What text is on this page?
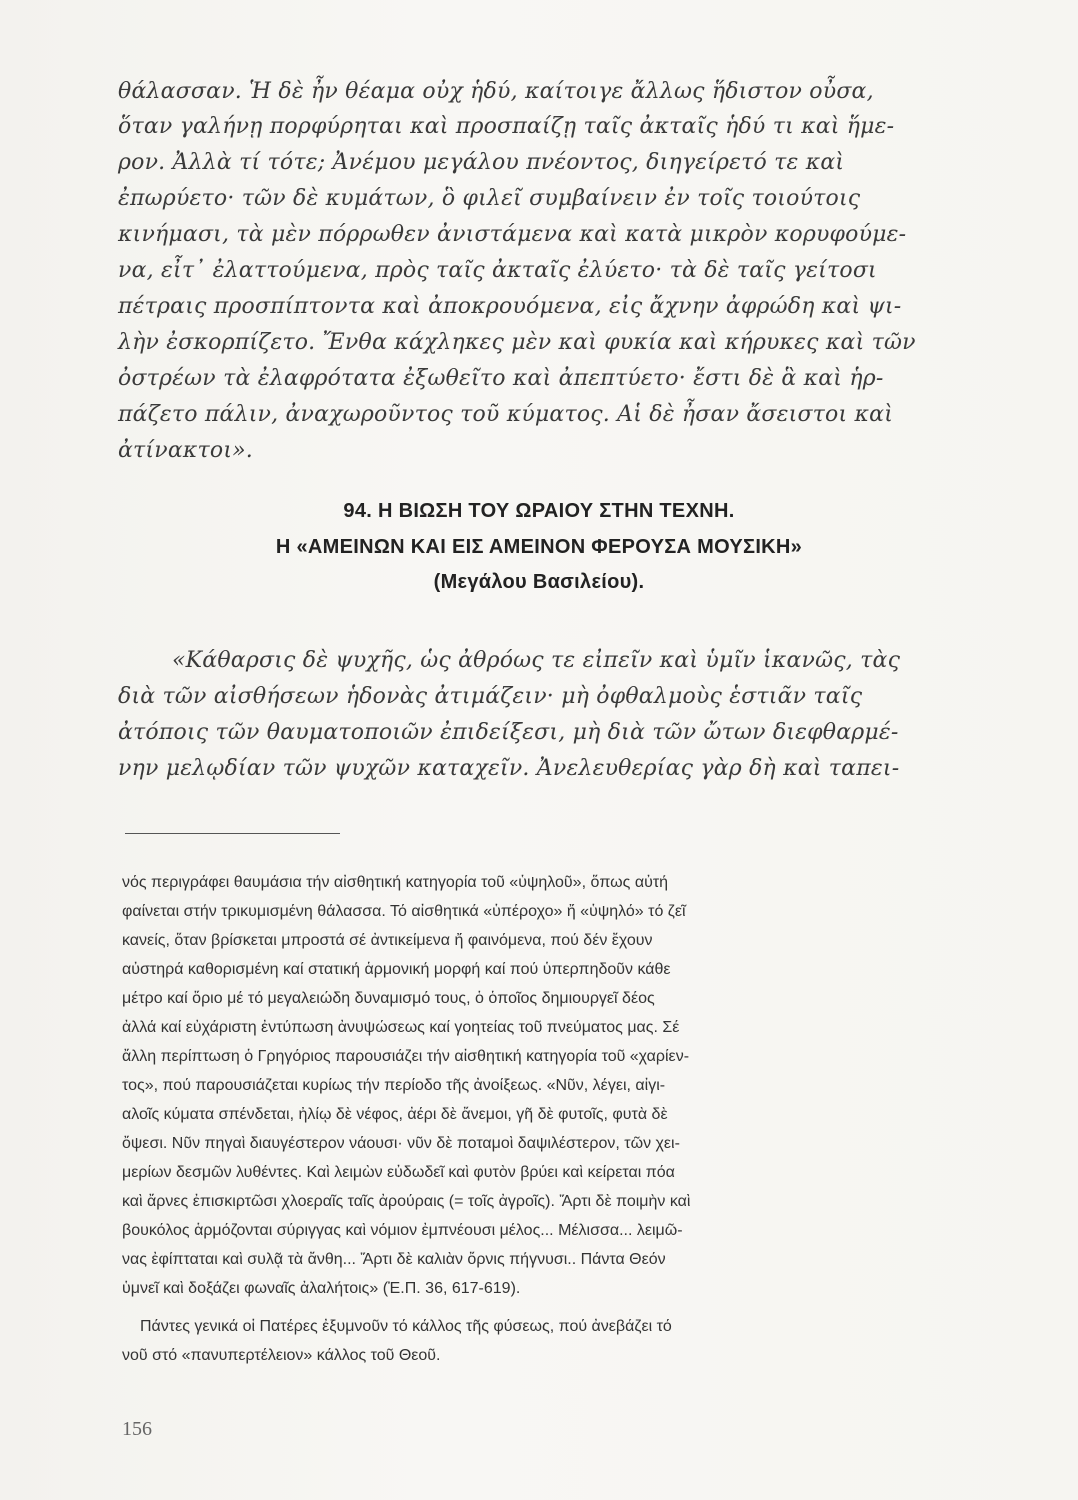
θάλασσαν. Ἡ δὲ ἦν θέαμα οὐχ ἡδύ, καίτοιγε ἄλλως ἥδιστον οὖσα,
ὅταν γαλήνῃ πορφύρηται καὶ προσπαίζῃ ταῖς ἀκταῖς ἡδύ τι καὶ ἥμε-
ρον. Ἀλλὰ τί τότε; Ἀνέμου μεγάλου πνέοντος, διηγείρετό τε καὶ
ἐπωρύετο· τῶν δὲ κυμάτων, ὃ φιλεῖ συμβαίνειν ἐν τοῖς τοιούτοις
κινήμασι, τὰ μὲν πόρρωθεν ἀνιστάμενα καὶ κατὰ μικρὸν κορυφούμε-
να, εἶτ᾽ ἐλαττούμενα, πρὸς ταῖς ἀκταῖς ἐλύετο· τὰ δὲ ταῖς γείτοσι
πέτραις προσπίπτοντα καὶ ἀποκρουόμενα, εἰς ἄχνην ἀφρώδη καὶ ψι-
λὴν ἐσκορπίζετο. Ἔνθα κάχληκες μὲν καὶ φυκία καὶ κήρυκες καὶ τῶν
ὀστρέων τὰ ἐλαφρότατα ἐξωθεῖτο καὶ ἀπεπτύετο· ἔστι δὲ ἃ καὶ ἡρ-
πάζετο πάλιν, ἀναχωροῦντος τοῦ κύματος. Αἱ δὲ ἦσαν ἄσειστοι καὶ
ἀτίνακτοι».
94. Η ΒΙΩΣΗ ΤΟΥ ΩΡΑΙΟΥ ΣΤΗΝ ΤΕΧΝΗ.
Η «ΑΜΕΙΝΩΝ ΚΑΙ ΕΙΣ ΑΜΕΙΝΟΝ ΦΕΡΟΥΣΑ ΜΟΥΣΙΚΗ»
(Μεγάλου Βασιλείου).
«Κάθαρσις δὲ ψυχῆς, ὡς ἀθρόως τε εἰπεῖν καὶ ὑμῖν ἱκανῶς, τὰς
διὰ τῶν αἰσθήσεων ἡδονὰς ἀτιμάζειν· μὴ ὀφθαλμοὺς ἑστιᾶν ταῖς
ἀτόποις τῶν θαυματοποιῶν ἐπιδείξεσι, μὴ διὰ τῶν ὤτων διεφθαρμέ-
νην μελῳδίαν τῶν ψυχῶν καταχεῖν. Ἀνελευθερίας γὰρ δὴ καὶ ταπει-
νός περιγράφει θαυμάσια τήν αἰσθητική κατηγορία τοῦ «ὑψηλοῦ», ὅπως αὐτή
φαίνεται στήν τρικυμισμένη θάλασσα. Τό αἰσθητικά «ὑπέροχο» ἤ «ὑψηλό» τό ζεῖ
κανείς, ὅταν βρίσκεται μπροστά σέ ἀντικείμενα ἤ φαινόμενα, πού δέν ἔχουν
αὐστηρά καθορισμένη καί στατική ἁρμονική μορφή καί πού ὑπερπηδοῦν κάθε
μέτρο καί ὅριο μέ τό μεγαλειώδη δυναμισμό τους, ὁ ὁποῖος δημιουργεῖ δέος
ἀλλά καί εὐχάριστη ἐντύπωση ἀνυψώσεως καί γοητείας τοῦ πνεύματος μας. Σέ
ἄλλη περίπτωση ὁ Γρηγόριος παρουσιάζει τήν αἰσθητική κατηγορία τοῦ «χαρίεν-
τος», πού παρουσιάζεται κυρίως τήν περίοδο τῆς ἀνοίξεως. «Νῦν, λέγει, αἰγι-
αλοῖς κύματα σπένδεται, ἠλίῳ δὲ νέφος, ἀέρι δὲ ἄνεμοι, γῆ δὲ φυτοῖς, φυτὰ δὲ
ὄψεσι. Νῦν πηγαὶ διαυγέστερον νάουσι· νῦν δὲ ποταμοὶ δαψιλέστερον, τῶν χει-
μερίων δεσμῶν λυθέντες. Καὶ λειμὼν εὐδωδεῖ καὶ φυτὸν βρύει καὶ κείρεται πόα
καὶ ἄρνες ἐπισκιρτῶσι χλοεραῖς ταῖς ἀρούραις (= τοῖς ἀγροῖς). Ἄρτι δὲ ποιμὴν καὶ
βουκόλος ἁρμόζονται σύριγγας καὶ νόμιον ἐμπνέουσι μέλος... Μέλισσα... λειμῶ-
νας ἐφίπταται καὶ συλᾷ τὰ ἄνθη... Ἄρτι δὲ καλιὰν ὄρνις πήγνυσι.. Πάντα Θεόν
ὑμνεῖ καὶ δοξάζει φωναῖς ἀλαλήτοις» (Ἐ.Π. 36, 617-619).
Πάντες γενικά οἱ Πατέρες ἐξυμνοῦν τό κάλλος τῆς φύσεως, πού ἀνεβάζει τό
νοῦ στό «πανυπερτέλειον» κάλλος τοῦ Θεοῦ.
156
